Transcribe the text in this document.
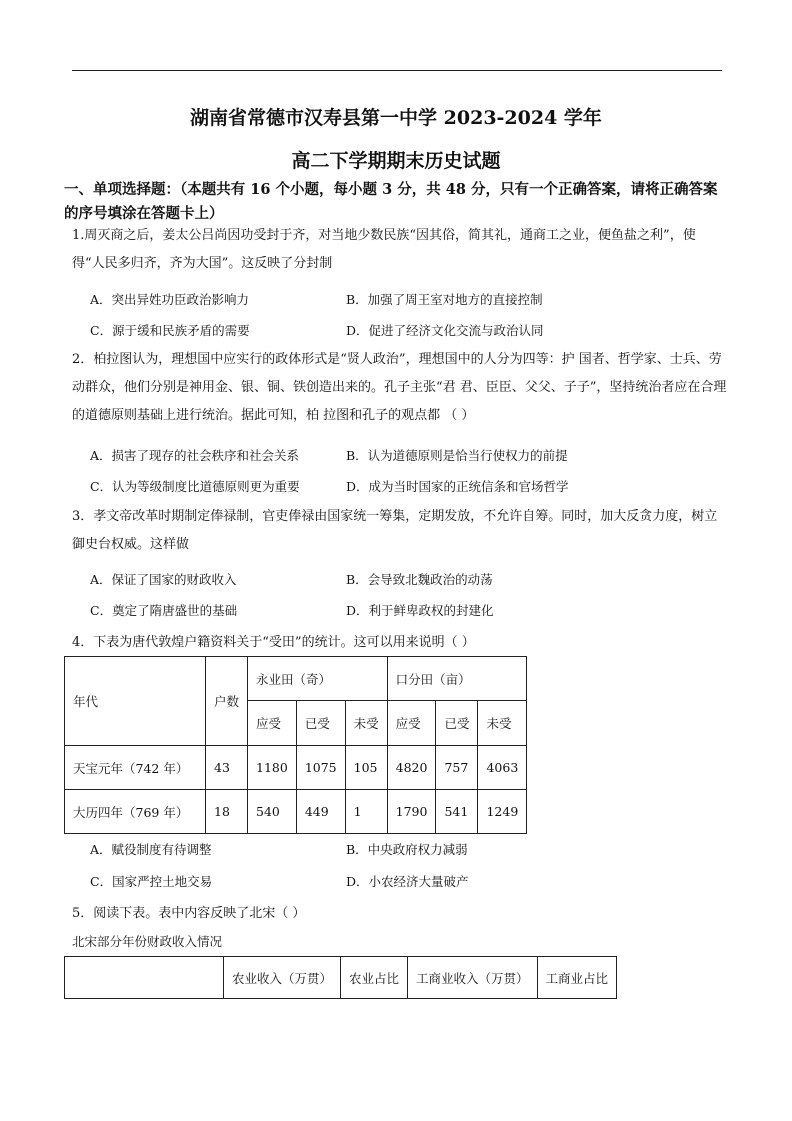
湖南省常德市汉寿县第一中学 2023-2024 学年
高二下学期期末历史试题
一、单项选择题：（本题共有 16 个小题，每小题 3 分，共 48 分，只有一个正确答案，请将正确答案的序号填涂在答题卡上）
1.周灭商之后，姜太公吕尚因功受封于齐，对当地少数民族“因其俗，简其礼，通商工之业，便鱼盐之利”，使得“人民多归齐，齐为大国”。这反映了分封制
A．突出异姓功臣政治影响力	B．加强了周王室对地方的直接控制
C．源于缓和民族矛盾的需要	D．促进了经济文化交流与政治认同
2．柏拉图认为，理想国中应实行的政体形式是“贤人政治”，理想国中的人分为四等：护 国者、哲学家、士兵、劳动群众，他们分别是神用金、银、铜、铁创造出来的。孔子主张“君 君、臣臣、父父、子子”，坚持统治者应在合理的道德原则基础上进行统治。据此可知，柏 拉图和孔子的观点都 （ ）
A．损害了现存的社会秩序和社会关系	B．认为道德原则是恰当行使权力的前提
C．认为等级制度比道德原则更为重要	D．成为当时国家的正统信条和官场哲学
3．孝文帝改革时期制定俸禄制，官吏俸禄由国家统一筹集，定期发放，不允许自筹。同时，加大反贪力度，树立御史台权威。这样做
A．保证了国家的财政收入	B．会导致北魏政治的动荡
C．奠定了隋唐盛世的基础	D．利于鲜卑政权的封建化
4．下表为唐代敦煌户籍资料关于“受田”的统计。这可以用来说明（ ）
年代	户数	永业田（奇）			口分田（亩）		
		应受	已受	未受	应受	已受	未受
天宝元年（742 年）	43	1180	1075	105	4820	757	4063
大历四年（769 年）	18	540	449	1	1790	541	1249
A．赋役制度有待调整	B．中央政府权力减弱
C．国家严控土地交易	D．小农经济大量破产
5．阅读下表。表中内容反映了北宋（ ）
北宋部分年份财政收入情况
	农业收入（万贯）	农业占比	工商业收入（万贯）	工商业占比
